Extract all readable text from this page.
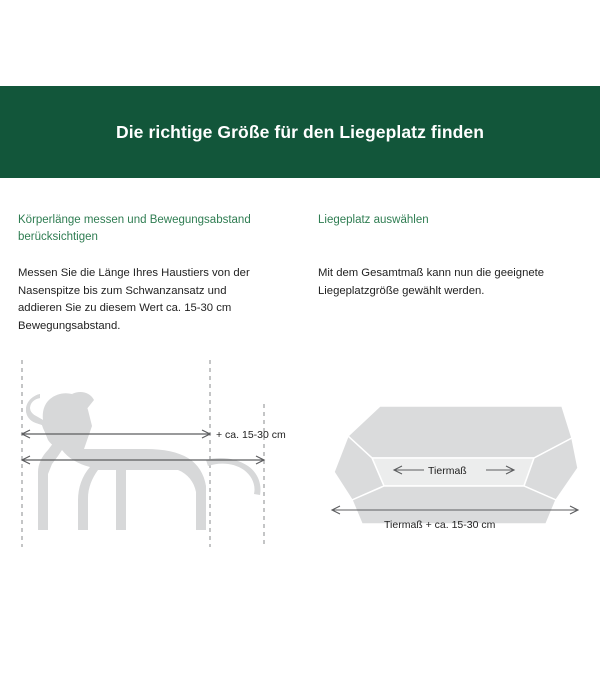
Die richtige Größe für den Liegeplatz finden

Körperlänge messen und Bewegungsabstand berücksichtigen

Liegeplatz auswählen

Messen Sie die Länge Ihres Haustiers von der Nasenspitze bis zum Schwanzansatz und addieren Sie zu diesem Wert ca. 15-30 cm Bewegungsabstand.

Mit dem Gesamtmaß kann nun die geeignete Liegeplatzgröße gewählt werden.

+ ca. 15-30 cm
Tiermaß
Tiermaß + ca. 15-30 cm
